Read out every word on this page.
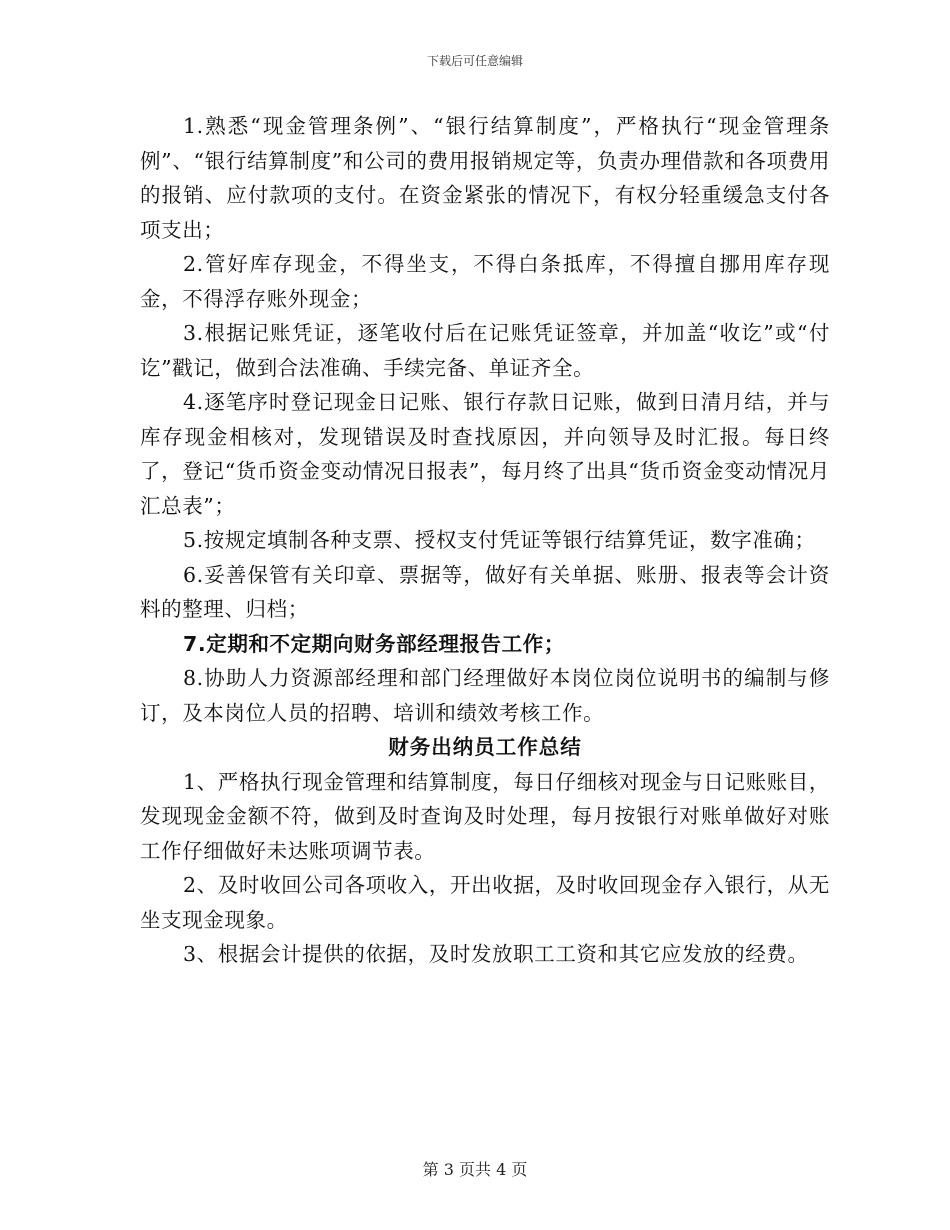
下载后可任意编辑

1.熟悉“现金管理条例”、“银行结算制度”，严格执行“现金管理条例”、“银行结算制度”和公司的费用报销规定等，负责办理借款和各项费用的报销、应付款项的支付。在资金紧张的情况下，有权分轻重缓急支付各项支出；

2.管好库存现金，不得坐支，不得白条抵库，不得擅自挪用库存现金，不得浮存账外现金；

3.根据记账凭证，逐笔收付后在记账凭证签章，并加盖“收讫”或“付讫”戳记，做到合法准确、手续完备、单证齐全。

4.逐笔序时登记现金日记账、银行存款日记账，做到日清月结，并与库存现金相核对，发现错误及时查找原因，并向领导及时汇报。每日终了，登记“货币资金变动情况日报表”，每月终了出具“货币资金变动情况月汇总表”；

5.按规定填制各种支票、授权支付凭证等银行结算凭证，数字准确；

6.妥善保管有关印章、票据等，做好有关单据、账册、报表等会计资料的整理、归档；

7.定期和不定期向财务部经理报告工作；

8.协助人力资源部经理和部门经理做好本岗位岗位说明书的编制与修订，及本岗位人员的招聘、培训和绩效考核工作。

财务出纳员工作总结

1、严格执行现金管理和结算制度，每日仔细核对现金与日记账账目，发现现金金额不符，做到及时查询及时处理，每月按银行对账单做好对账工作仔细做好未达账项调节表。

2、及时收回公司各项收入，开出收据，及时收回现金存入银行，从无坐支现金现象。

3、根据会计提供的依据，及时发放职工工资和其它应发放的经费。

第 3 页共 4 页
